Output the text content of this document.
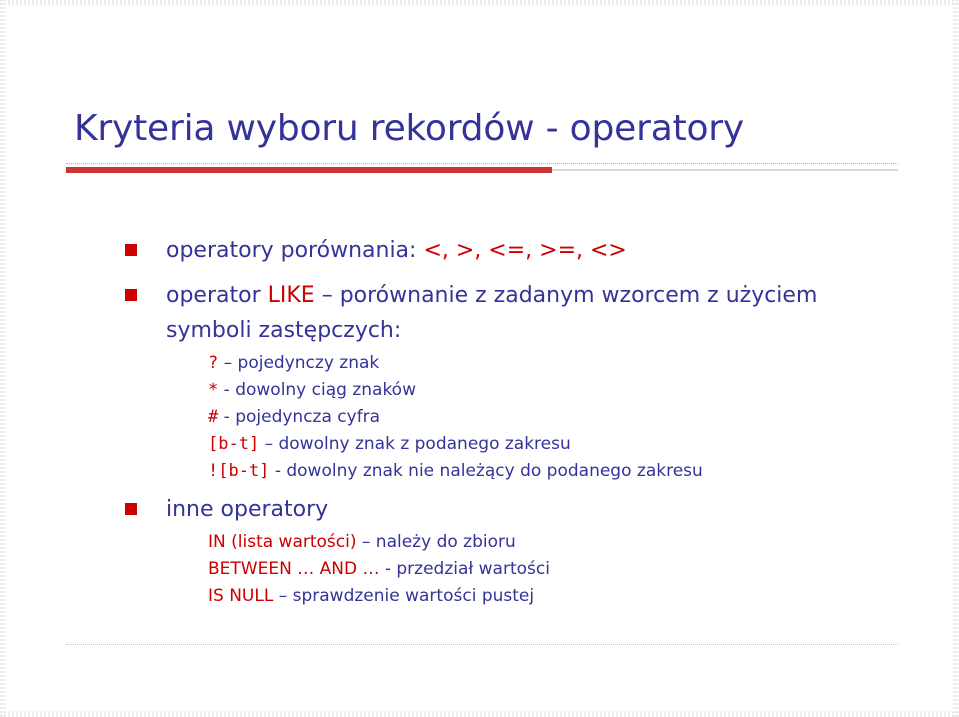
Kryteria wyboru rekordów - operatory
operatory porównania: <, >, <=, >=, <>
operator LIKE – porównanie z zadanym wzorcem z użyciem
symboli zastępczych:
? – pojedynczy znak
* - dowolny ciąg znaków
# - pojedyncza cyfra
[b-t] – dowolny znak z podanego zakresu
![b-t] - dowolny znak nie należący do podanego zakresu
inne operatory
IN (lista wartości) – należy do zbioru
BETWEEN … AND … - przedział wartości
IS NULL – sprawdzenie wartości pustej
